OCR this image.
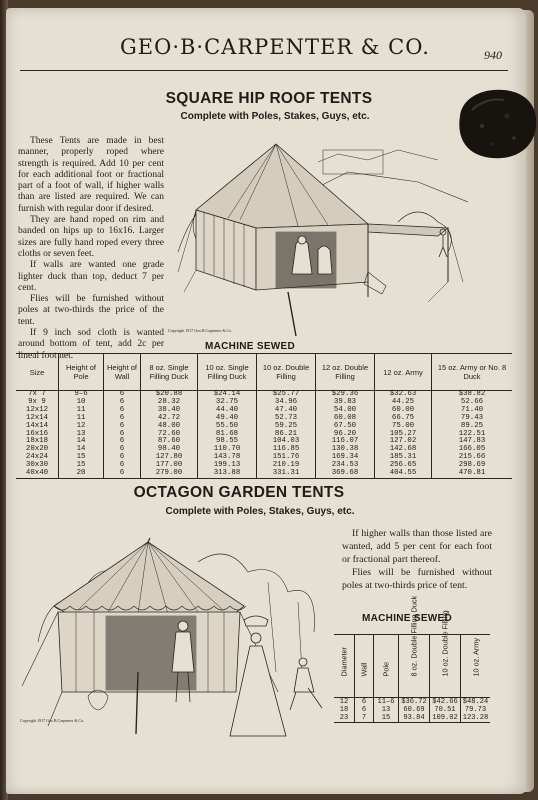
GEO·B·CARPENTER & CO.	940
SQUARE HIP ROOF TENTS
Complete with Poles, Stakes, Guys, etc.

These Tents are made in best manner, properly roped where strength is required. Add 10 per cent for each additional foot or fractional part of a foot of wall, if higher walls than are listed are required. We can furnish with regular door if desired.

They are hand roped on rim and banded on hips up to 16x16. Larger sizes are fully hand roped every three cloths or seven feet.

If walls are wanted one grade lighter duck than top, deduct 7 per cent.

Flies will be furnished without poles at two-thirds the price of the tent.

If 9 inch sod cloth is wanted around bottom of tent, add 2c per lineal foot net.

Copyright 1917 Geo.B.Carpenter & Co.
MACHINE SEWED
Size	Height of Pole	Height of Wall	8 oz. Single Filling Duck	10 oz. Single Filling Duck	10 oz. Double Filling	12 oz. Double Filling	12 oz. Army	15 oz. Army or No. 8 Duck
7x 7	9–6	6	$20.88	$24.14	$25.77	$29.36	$32.63	$38.82
9x 9	10	6	28.32	32.75	34.96	39.83	44.25	52.66
12x12	11	6	38.40	44.40	47.40	54.00	60.00	71.40
12x14	11	6	42.72	49.40	52.73	60.08	66.75	79.43
14x14	12	6	48.00	55.50	59.25	67.50	75.00	89.25
16x16	13	6	72.60	81.68	86.21	96.20	105.27	122.51
18x18	14	6	87.60	98.55	104.03	116.07	127.02	147.83
20x20	14	6	98.40	110.70	116.85	130.38	142.68	166.05
24x24	15	6	127.80	143.78	151.76	169.34	185.31	215.66
30x30	15	6	177.00	199.13	210.19	234.53	256.65	298.69
40x40	20	6	279.00	313.88	331.31	369.68	404.55	470.81
OCTAGON GARDEN TENTS
Complete with Poles, Stakes, Guys, etc.
Copyright 1917 Geo.B.Carpenter & Co.

If higher walls than those listed are wanted, add 5 per cent for each foot or fractional part thereof.

Flies will be furnished without poles at two-thirds price of tent.

MACHINE SEWED
Diameter	Wall	Pole	8 oz. Double Filling Duck	10 oz. Double Filling	10 oz. Army
12	6	11–6	$36.72	$42.66	$48.24
18	6	13	60.69	70.51	79.73
23	7	15	93.84	109.02	123.28
